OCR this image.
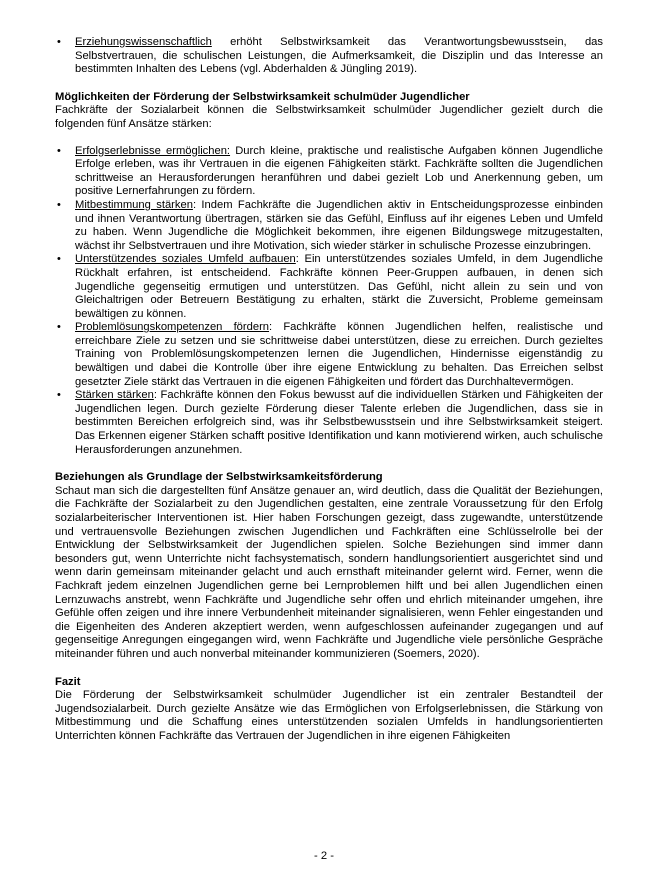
• Erziehungswissenschaftlich erhöht Selbstwirksamkeit das Verantwortungsbewusstsein, das Selbstvertrauen, die schulischen Leistungen, die Aufmerksamkeit, die Disziplin und das Interesse an bestimmten Inhalten des Lebens (vgl. Abderhalden & Jüngling 2019).
Möglichkeiten der Förderung der Selbstwirksamkeit schulmüder Jugendlicher

Fachkräfte der Sozialarbeit können die Selbstwirksamkeit schulmüder Jugendlicher gezielt durch die folgenden fünf Ansätze stärken:

• Erfolgserlebnisse ermöglichen: Durch kleine, praktische und realistische Aufgaben können Jugendliche Erfolge erleben, was ihr Vertrauen in die eigenen Fähigkeiten stärkt. Fachkräfte sollten die Jugendlichen schrittweise an Herausforderungen heranführen und dabei gezielt Lob und Anerkennung geben, um positive Lernerfahrungen zu fördern.
• Mitbestimmung stärken: Indem Fachkräfte die Jugendlichen aktiv in Entscheidungsprozesse einbinden und ihnen Verantwortung übertragen, stärken sie das Gefühl, Einfluss auf ihr eigenes Leben und Umfeld zu haben. Wenn Jugendliche die Möglichkeit bekommen, ihre eigenen Bildungswege mitzugestalten, wächst ihr Selbstvertrauen und ihre Motivation, sich wieder stärker in schulische Prozesse einzubringen.
• Unterstützendes soziales Umfeld aufbauen: Ein unterstützendes soziales Umfeld, in dem Jugendliche Rückhalt erfahren, ist entscheidend. Fachkräfte können Peer-Gruppen aufbauen, in denen sich Jugendliche gegenseitig ermutigen und unterstützen. Das Gefühl, nicht allein zu sein und von Gleichaltrigen oder Betreuern Bestätigung zu erhalten, stärkt die Zuversicht, Probleme gemeinsam bewältigen zu können.
• Problemlösungskompetenzen fördern: Fachkräfte können Jugendlichen helfen, realistische und erreichbare Ziele zu setzen und sie schrittweise dabei unterstützen, diese zu erreichen. Durch gezieltes Training von Problemlösungskompetenzen lernen die Jugendlichen, Hindernisse eigenständig zu bewältigen und dabei die Kontrolle über ihre eigene Entwicklung zu behalten. Das Erreichen selbst gesetzter Ziele stärkt das Vertrauen in die eigenen Fähigkeiten und fördert das Durchhaltevermögen.
• Stärken stärken: Fachkräfte können den Fokus bewusst auf die individuellen Stärken und Fähigkeiten der Jugendlichen legen. Durch gezielte Förderung dieser Talente erleben die Jugendlichen, dass sie in bestimmten Bereichen erfolgreich sind, was ihr Selbstbewusstsein und ihre Selbstwirksamkeit steigert. Das Erkennen eigener Stärken schafft positive Identifikation und kann motivierend wirken, auch schulische Herausforderungen anzunehmen.
Beziehungen als Grundlage der Selbstwirksamkeitsförderung

Schaut man sich die dargestellten fünf Ansätze genauer an, wird deutlich, dass die Qualität der Beziehungen, die Fachkräfte der Sozialarbeit zu den Jugendlichen gestalten, eine zentrale Voraussetzung für den Erfolg sozialarbeiterischer Interventionen ist. Hier haben Forschungen gezeigt, dass zugewandte, unterstützende und vertrauensvolle Beziehungen zwischen Jugendlichen und Fachkräften eine Schlüsselrolle bei der Entwicklung der Selbstwirksamkeit der Jugendlichen spielen. Solche Beziehungen sind immer dann besonders gut, wenn Unterrichte nicht fachsystematisch, sondern handlungsorientiert ausgerichtet sind und wenn darin gemeinsam miteinander gelacht und auch ernsthaft miteinander gelernt wird. Ferner, wenn die Fachkraft jedem einzelnen Jugendlichen gerne bei Lernproblemen hilft und bei allen Jugendlichen einen Lernzuwachs anstrebt, wenn Fachkräfte und Jugendliche sehr offen und ehrlich miteinander umgehen, ihre Gefühle offen zeigen und ihre innere Verbundenheit miteinander signalisieren, wenn Fehler eingestanden und die Eigenheiten des Anderen akzeptiert werden, wenn aufgeschlossen aufeinander zugegangen und auf gegenseitige Anregungen eingegangen wird, wenn Fachkräfte und Jugendliche viele persönliche Gespräche miteinander führen und auch nonverbal miteinander kommunizieren (Soemers, 2020).

Fazit

Die Förderung der Selbstwirksamkeit schulmüder Jugendlicher ist ein zentraler Bestandteil der Jugendsozialarbeit. Durch gezielte Ansätze wie das Ermöglichen von Erfolgserlebnissen, die Stärkung von Mitbestimmung und die Schaffung eines unterstützenden sozialen Umfelds in handlungsorientierten Unterrichten können Fachkräfte das Vertrauen der Jugendlichen in ihre eigenen Fähigkeiten

- 2 -
